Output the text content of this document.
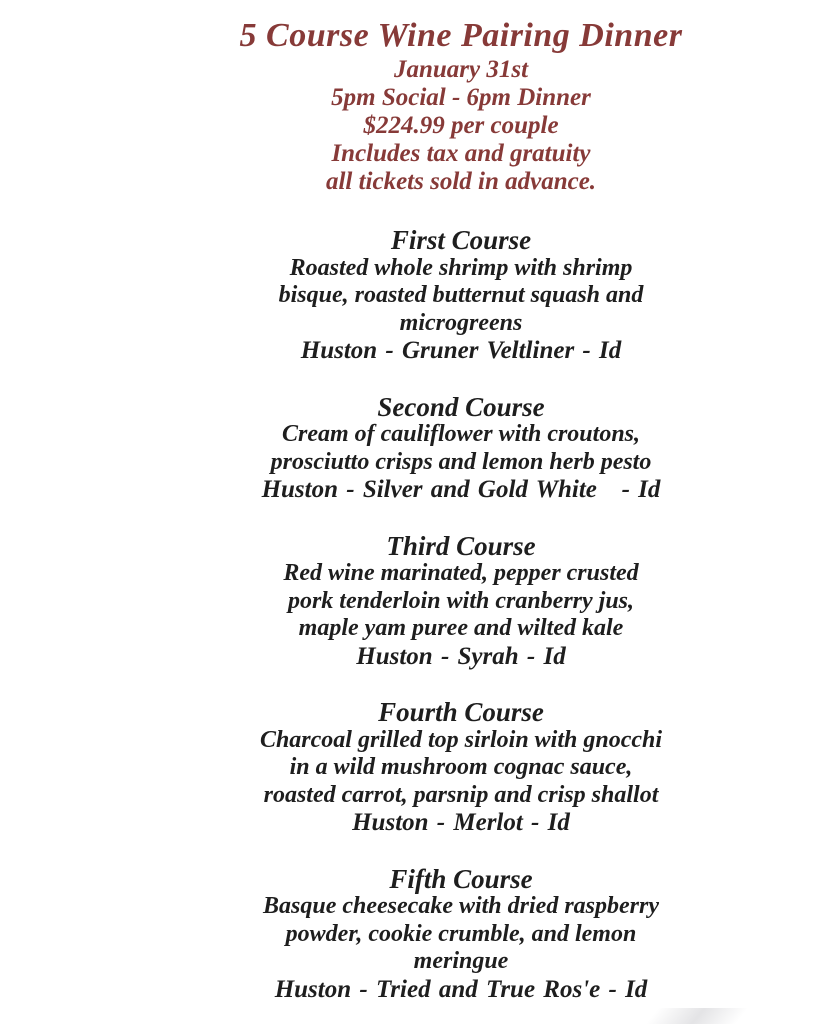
5 Course Wine Pairing Dinner
January 31st
5pm Social - 6pm Dinner
$224.99 per couple
Includes tax and gratuity
all tickets sold in advance.
First Course
Roasted whole shrimp with shrimp
bisque, roasted butternut squash and
microgreens
Huston - Gruner Veltliner - Id
Second Course
Cream of cauliflower with croutons,
prosciutto crisps and lemon herb pesto
Huston - Silver and Gold White   - Id
Third Course
Red wine marinated, pepper crusted
pork tenderloin with cranberry jus,
maple yam puree and wilted kale
Huston - Syrah - Id
Fourth Course
Charcoal grilled top sirloin with gnocchi
in a wild mushroom cognac sauce,
roasted carrot, parsnip and crisp shallot
Huston - Merlot - Id
Fifth Course
Basque cheesecake with dried raspberry
powder, cookie crumble, and lemon
meringue
Huston - Tried and True Ros'e - Id
